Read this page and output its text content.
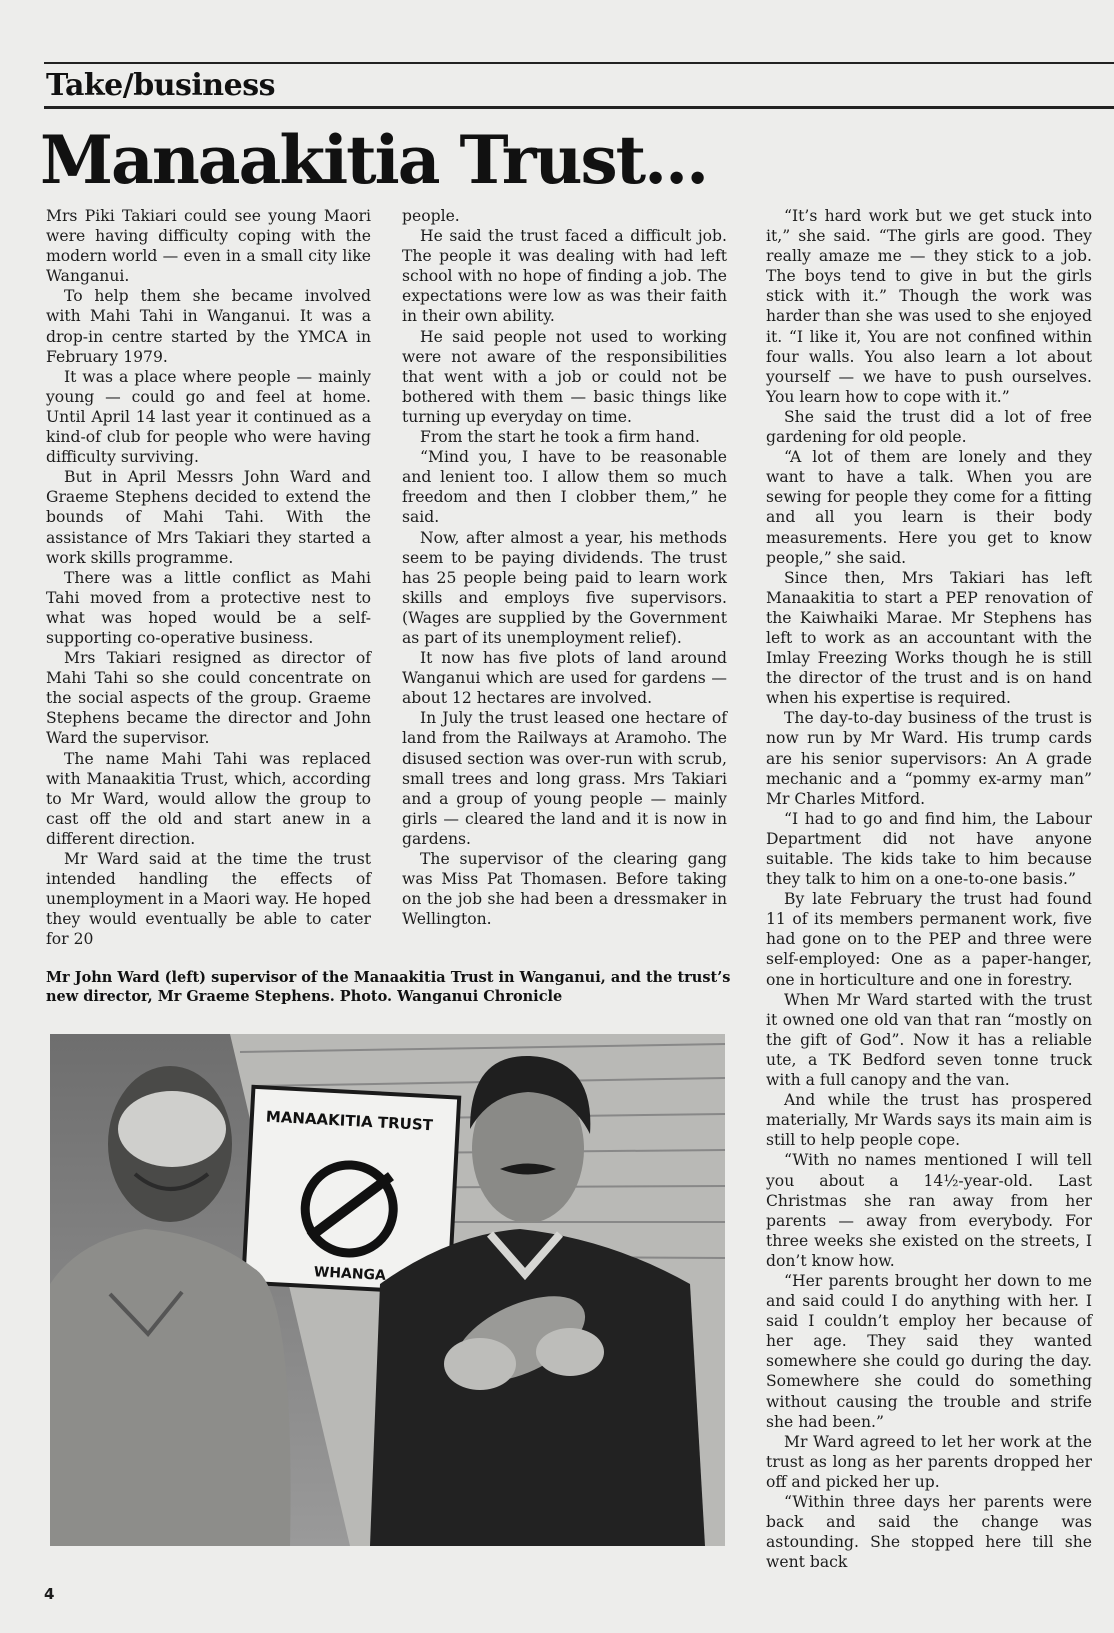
Take/business
Manaakitia Trust...

Mrs Piki Takiari could see young Maori were having difficulty coping with the modern world — even in a small city like Wanganui.

To help them she became involved with Mahi Tahi in Wanganui. It was a drop-in centre started by the YMCA in February 1979.

It was a place where people — mainly young — could go and feel at home. Until April 14 last year it continued as a kind-of club for people who were having difficulty surviving.

But in April Messrs John Ward and Graeme Stephens decided to extend the bounds of Mahi Tahi. With the assistance of Mrs Takiari they started a work skills programme.

There was a little conflict as Mahi Tahi moved from a protective nest to what was hoped would be a self-supporting co-operative business.

Mrs Takiari resigned as director of Mahi Tahi so she could concentrate on the social aspects of the group. Graeme Stephens became the director and John Ward the supervisor.

The name Mahi Tahi was replaced with Manaakitia Trust, which, according to Mr Ward, would allow the group to cast off the old and start anew in a different direction.

Mr Ward said at the time the trust intended handling the effects of unemployment in a Maori way. He hoped they would eventually be able to cater for 20

people.

He said the trust faced a difficult job. The people it was dealing with had left school with no hope of finding a job. The expectations were low as was their faith in their own ability.

He said people not used to working were not aware of the responsibilities that went with a job or could not be bothered with them — basic things like turning up everyday on time.

From the start he took a firm hand.

“Mind you, I have to be reasonable and lenient too. I allow them so much freedom and then I clobber them,” he said.

Now, after almost a year, his methods seem to be paying dividends. The trust has 25 people being paid to learn work skills and employs five supervisors. (Wages are supplied by the Government as part of its unemployment relief).

It now has five plots of land around Wanganui which are used for gardens — about 12 hectares are involved.

In July the trust leased one hectare of land from the Railways at Aramoho. The disused section was over-run with scrub, small trees and long grass. Mrs Takiari and a group of young people — mainly girls — cleared the land and it is now in gardens.

The supervisor of the clearing gang was Miss Pat Thomasen. Before taking on the job she had been a dressmaker in Wellington.

“It’s hard work but we get stuck into it,” she said. “The girls are good. They really amaze me — they stick to a job. The boys tend to give in but the girls stick with it.” Though the work was harder than she was used to she enjoyed it. “I like it, You are not confined within four walls. You also learn a lot about yourself — we have to push ourselves. You learn how to cope with it.”

She said the trust did a lot of free gardening for old people.

“A lot of them are lonely and they want to have a talk. When you are sewing for people they come for a fitting and all you learn is their body measurements. Here you get to know people,” she said.

Since then, Mrs Takiari has left Manaakitia to start a PEP renovation of the Kaiwhaiki Marae. Mr Stephens has left to work as an accountant with the Imlay Freezing Works though he is still the director of the trust and is on hand when his expertise is required.

The day-to-day business of the trust is now run by Mr Ward. His trump cards are his senior supervisors: An A grade mechanic and a “pommy ex-army man” Mr Charles Mitford.

“I had to go and find him, the Labour Department did not have anyone suitable. The kids take to him because they talk to him on a one-to-one basis.”

By late February the trust had found 11 of its members permanent work, five had gone on to the PEP and three were self-employed: One as a paper-hanger, one in horticulture and one in forestry.

When Mr Ward started with the trust it owned one old van that ran “mostly on the gift of God”. Now it has a reliable ute, a TK Bedford seven tonne truck with a full canopy and the van.

And while the trust has prospered materially, Mr Wards says its main aim is still to help people cope.

“With no names mentioned I will tell you about a 14½-year-old. Last Christmas she ran away from her parents — away from everybody. For three weeks she existed on the streets, I don’t know how.

“Her parents brought her down to me and said could I do anything with her. I said I couldn’t employ her because of her age. They said they wanted somewhere she could go during the day. Somewhere she could do something without causing the trouble and strife she had been.”

Mr Ward agreed to let her work at the trust as long as her parents dropped her off and picked her up.

“Within three days her parents were back and said the change was astounding. She stopped here till she went back

Mr John Ward (left) supervisor of the Manaakitia Trust in Wanganui, and the trust’s new director, Mr Graeme Stephens. Photo. Wanganui Chronicle

MANAAKITIA TRUST
WHANGA

4
